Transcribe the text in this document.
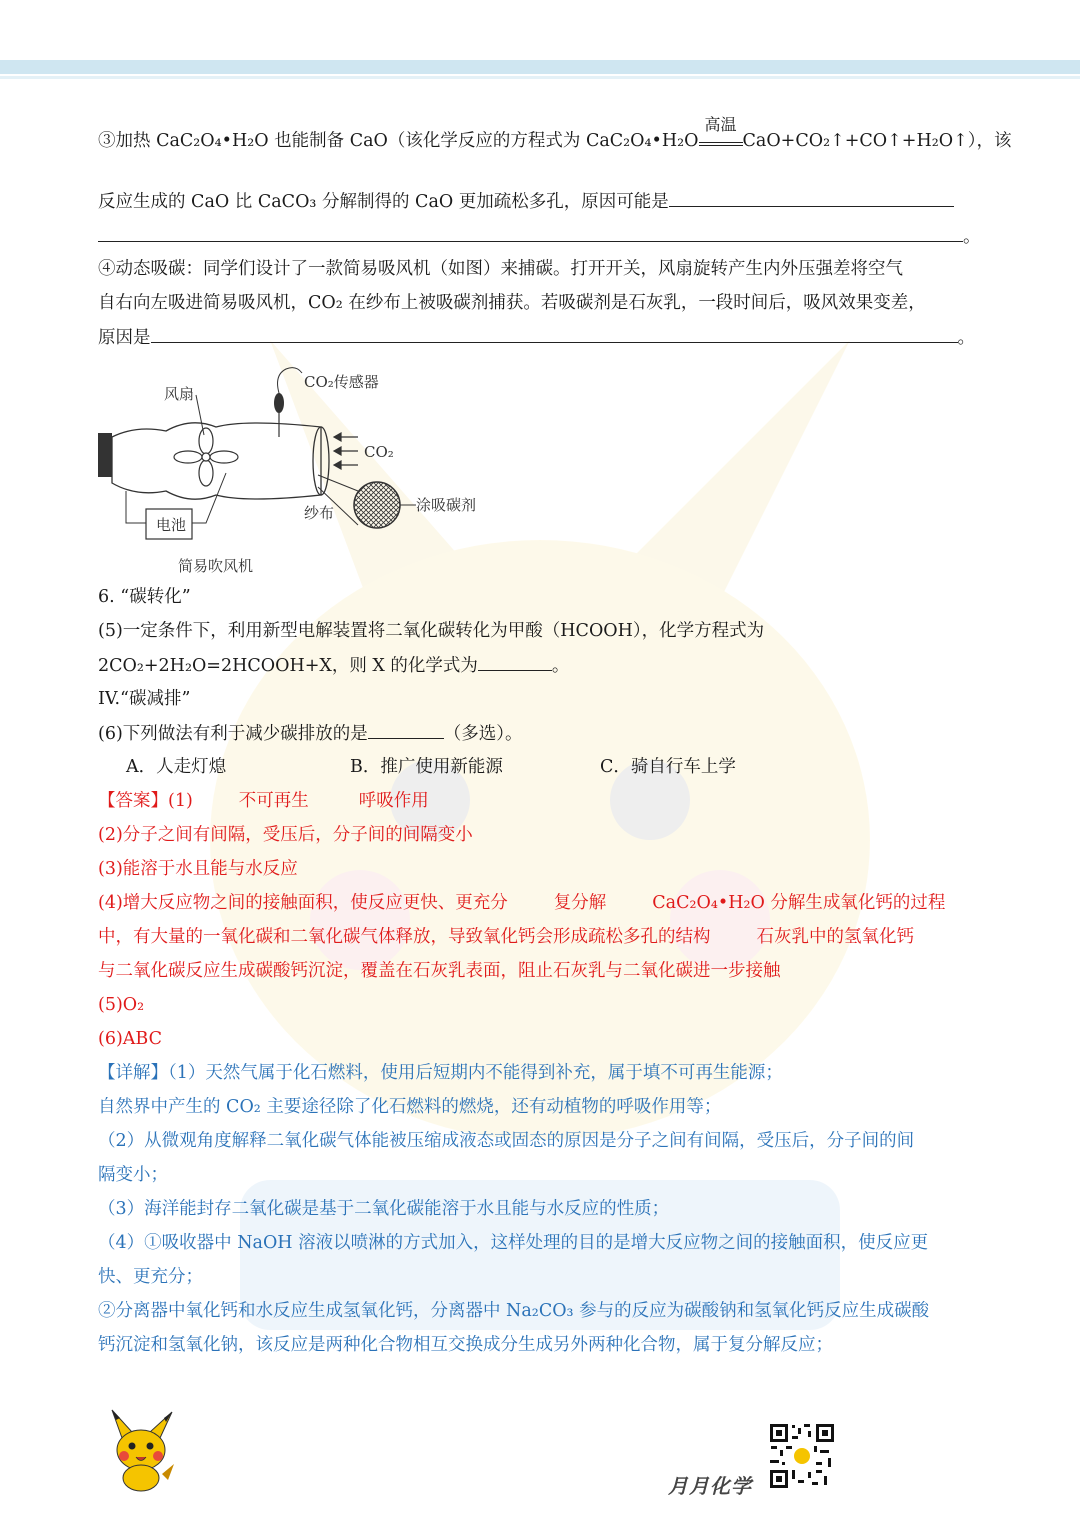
③加热 CaC₂O₄•H₂O 也能制备 CaO（该化学反应的方程式为 CaC₂O₄•H₂O
高温
CaO+CO₂↑+CO↑+H₂O↑），该
反应生成的 CaO 比 CaCO₃ 分解制得的 CaO 更加疏松多孔，原因可能是
。
④动态吸碳：同学们设计了一款简易吸风机（如图）来捕碳。打开开关，风扇旋转产生内外压强差将空气
自右向左吸进简易吸风机，CO₂ 在纱布上被吸碳剂捕获。若吸碳剂是石灰乳，一段时间后，吸风效果变差，
原因是	。
CO₂传感器
风扇
CO₂
电池
纱布	涂吸碳剂
简易吹风机
6. “碳转化”
(5)一定条件下，利用新型电解装置将二氧化碳转化为甲酸（HCOOH），化学方程式为
2CO₂+2H₂O=2HCOOH+X，则 X 的化学式为	。
IV.“碳减排”
(6)下列做法有利于减少碳排放的是	（多选）。
A．人走灯熄	B．推广使用新能源	C．骑自行车上学
【答案】(1)	不可再生	呼吸作用
(2)分子之间有间隔，受压后，分子间的间隔变小
(3)能溶于水且能与水反应
(4)增大反应物之间的接触面积，使反应更快、更充分	复分解	CaC₂O₄•H₂O 分解生成氧化钙的过程
中，有大量的一氧化碳和二氧化碳气体释放，导致氧化钙会形成疏松多孔的结构	石灰乳中的氢氧化钙
与二氧化碳反应生成碳酸钙沉淀，覆盖在石灰乳表面，阻止石灰乳与二氧化碳进一步接触
(5)O₂
(6)ABC
【详解】（1）天然气属于化石燃料，使用后短期内不能得到补充，属于填不可再生能源；
自然界中产生的 CO₂ 主要途径除了化石燃料的燃烧，还有动植物的呼吸作用等；
（2）从微观角度解释二氧化碳气体能被压缩成液态或固态的原因是分子之间有间隔，受压后，分子间的间
隔变小；
（3）海洋能封存二氧化碳是基于二氧化碳能溶于水且能与水反应的性质；
（4）①吸收器中 NaOH 溶液以喷淋的方式加入，这样处理的目的是增大反应物之间的接触面积，使反应更
快、更充分；
②分离器中氧化钙和水反应生成氢氧化钙，分离器中 Na₂CO₃ 参与的反应为碳酸钠和氢氧化钙反应生成碳酸
钙沉淀和氢氧化钠，该反应是两种化合物相互交换成分生成另外两种化合物，属于复分解反应；
月月化学
